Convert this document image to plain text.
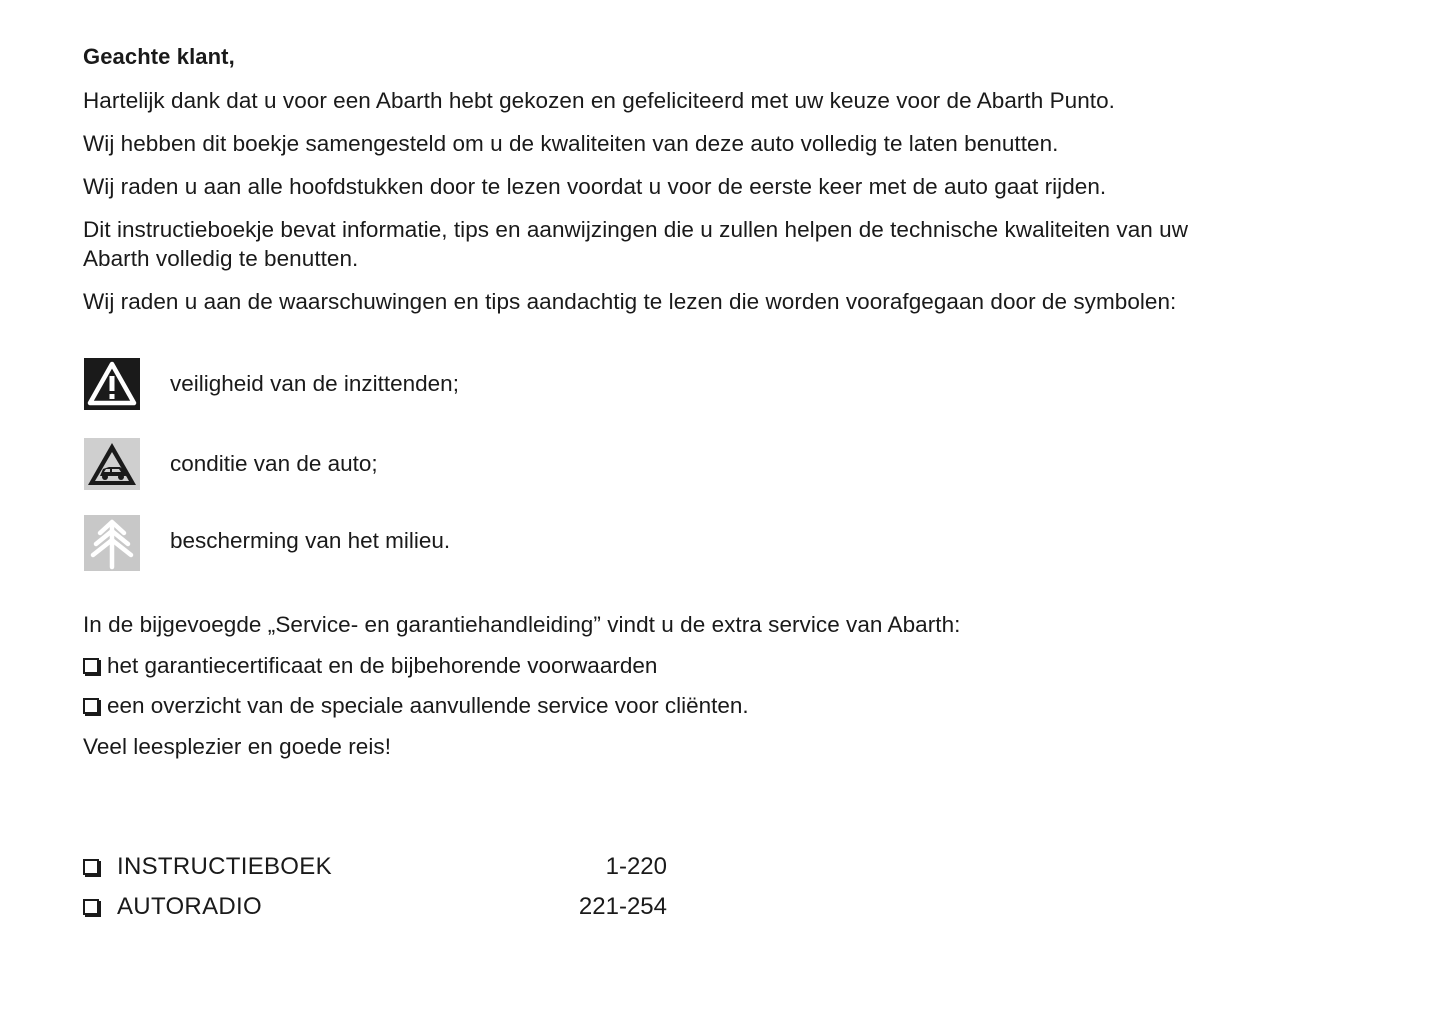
Geachte klant,
Hartelijk dank dat u voor een Abarth hebt gekozen en gefeliciteerd met uw keuze voor de Abarth Punto.
Wij hebben dit boekje samengesteld om u de kwaliteiten van deze auto volledig te laten benutten.
Wij raden u aan alle hoofdstukken door te lezen voordat u voor de eerste keer met de auto gaat rijden.
Dit instructieboekje bevat informatie, tips en aanwijzingen die u zullen helpen de technische kwaliteiten van uw Abarth volledig te benutten.
Wij raden u aan de waarschuwingen en tips aandachtig te lezen die worden voorafgegaan door de symbolen:
veiligheid van de inzittenden;
conditie van de auto;
bescherming van het milieu.
In de bijgevoegde „Service- en garantiehandleiding” vindt u de extra service van Abarth:
het garantiecertificaat en de bijbehorende voorwaarden
een overzicht van de speciale aanvullende service voor cliënten.
Veel leesplezier en goede reis!
INSTRUCTIEBOEK	1-220
AUTORADIO	221-254
